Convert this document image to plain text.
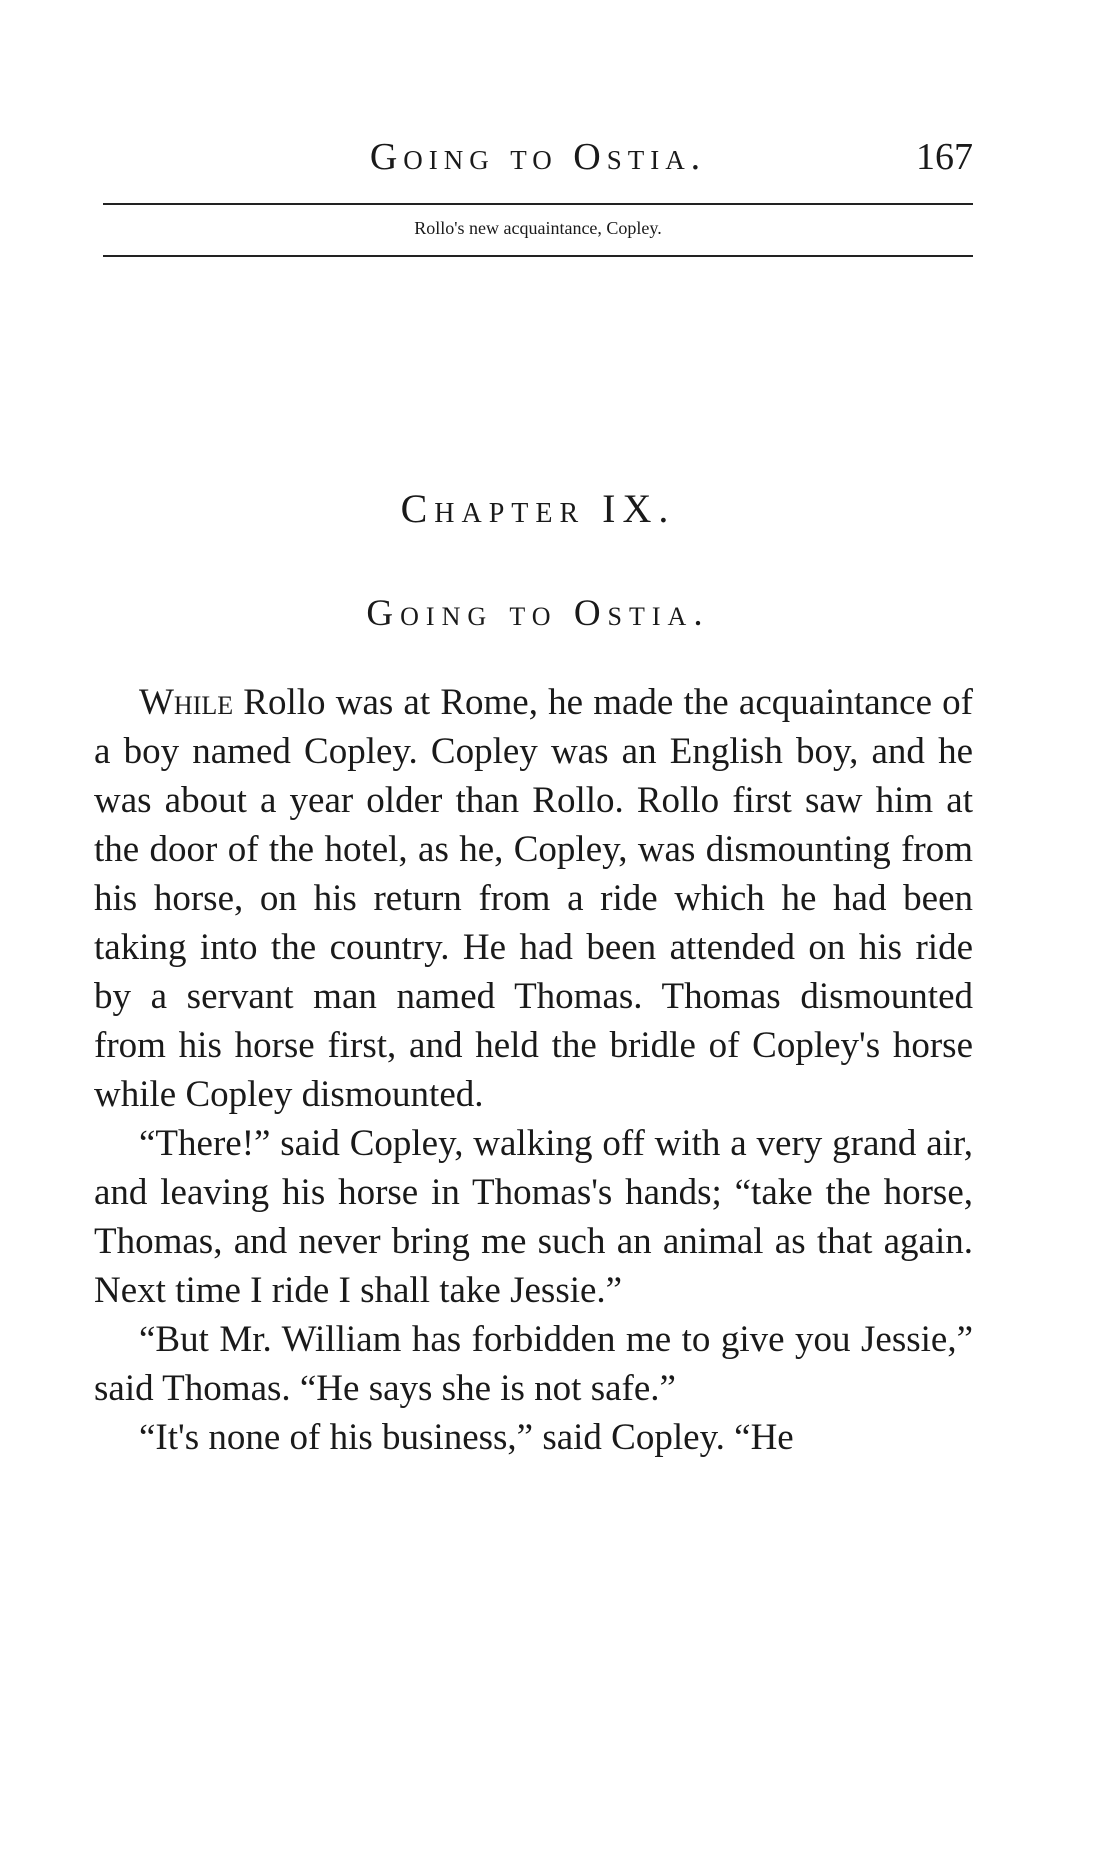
Going to Ostia.	167
Rollo's new acquaintance, Copley.
Chapter IX.
Going to Ostia.

While Rollo was at Rome, he made the acquaintance of a boy named Copley. Copley was an English boy, and he was about a year older than Rollo. Rollo first saw him at the door of the hotel, as he, Copley, was dismounting from his horse, on his return from a ride which he had been taking into the country. He had been attended on his ride by a servant man named Thomas. Thomas dismounted from his horse first, and held the bridle of Copley's horse while Copley dismounted.

“There!” said Copley, walking off with a very grand air, and leaving his horse in Thomas's hands; “take the horse, Thomas, and never bring me such an animal as that again. Next time I ride I shall take Jessie.”

“But Mr. William has forbidden me to give you Jessie,” said Thomas. “He says she is not safe.”

“It's none of his business,” said Copley. “He
